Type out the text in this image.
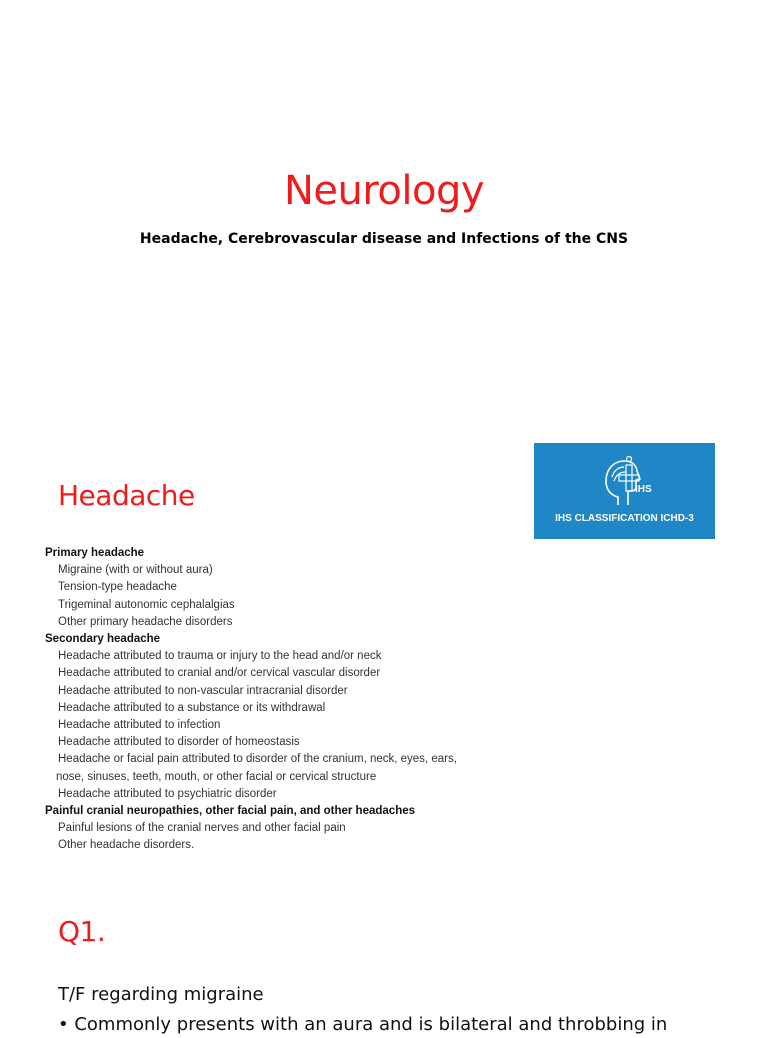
Neurology
Headache, Cerebrovascular disease and Infections of the CNS
IHS
IHS CLASSIFICATION ICHD-3
Headache
Primary headache
Migraine (with or without aura)
Tension-type headache
Trigeminal autonomic cephalalgias
Other primary headache disorders
Secondary headache
Headache attributed to trauma or injury to the head and/or neck
Headache attributed to cranial and/or cervical vascular disorder
Headache attributed to non-vascular intracranial disorder
Headache attributed to a substance or its withdrawal
Headache attributed to infection
Headache attributed to disorder of homeostasis
Headache or facial pain attributed to disorder of the cranium, neck, eyes, ears,
nose, sinuses, teeth, mouth, or other facial or cervical structure
Headache attributed to psychiatric disorder
Painful cranial neuropathies, other facial pain, and other headaches
Painful lesions of the cranial nerves and other facial pain
Other headache disorders.
Q1.
T/F regarding migraine
• Commonly presents with an aura and is bilateral and throbbing in
